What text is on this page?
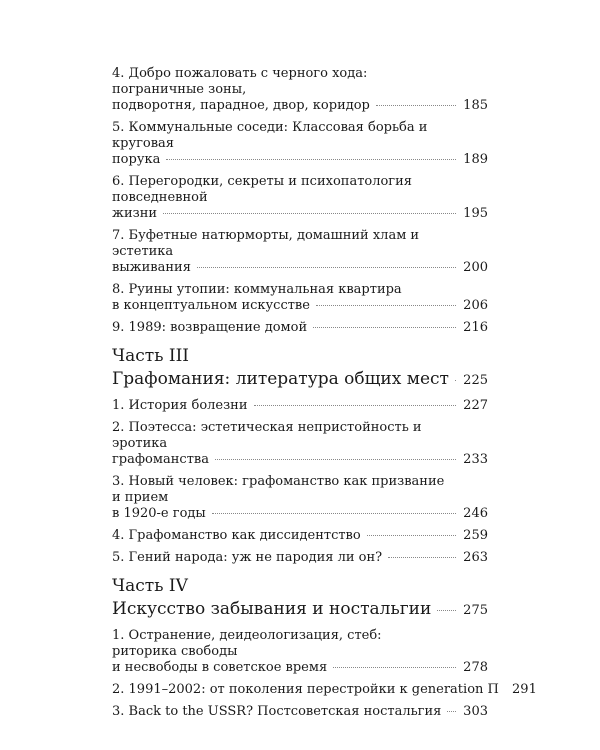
4. Добро пожаловать с черного хода: пограничные зоны,
подворотня, парадное, двор, коридор	185
5. Коммунальные соседи: Классовая борьба и круговая
порука	189
6. Перегородки, секреты и психопатология повседневной
жизни	195
7. Буфетные натюрморты, домашний хлам и эстетика
выживания	200
8. Руины утопии: коммунальная квартира
в концептуальном искусстве	206
9. 1989: возвращение домой	216
Часть III
Графомания: литература общих мест 225
1. История болезни	227
2. Поэтесса: эстетическая непристойность и эротика
графоманства	233
3. Новый человек: графоманство как призвание и прием
в 1920-е годы	246
4. Графоманство как диссидентство	259
5. Гений народа: уж не пародия ли он?	263
Часть IV
Искусство забывания и ностальгии 275
1. Остранение, деидеологизация, стеб: риторика свободы
и несвободы в советское время	278
2. 1991–2002: от поколения перестройки к generation П 291
3. Back to the USSR? Постсоветская ностальгия 303
